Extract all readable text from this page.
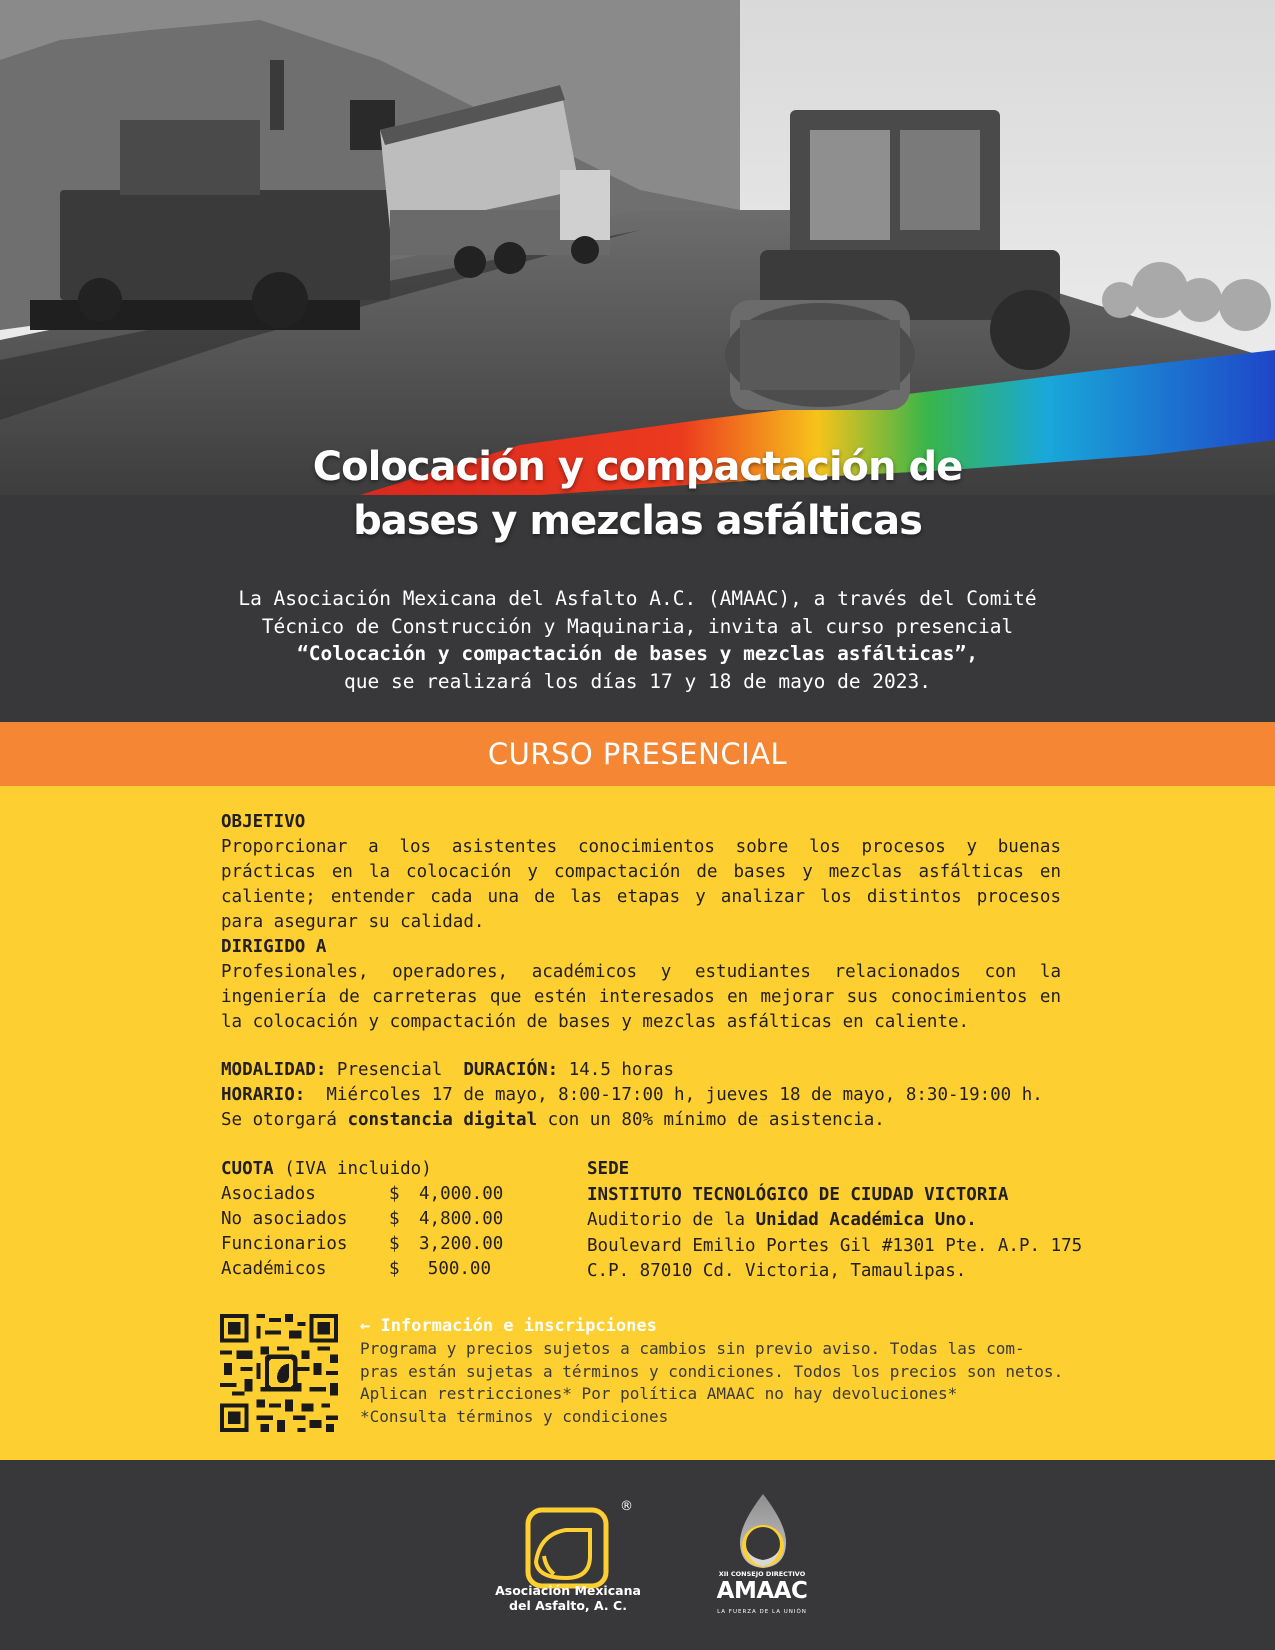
Colocación y compactación de
bases y mezclas asfálticas
La Asociación Mexicana del Asfalto A.C. (AMAAC), a través del Comité
Técnico de Construcción y Maquinaria, invita al curso presencial
“Colocación y compactación de bases y mezclas asfálticas”,
que se realizará los días 17 y 18 de mayo de 2023.
CURSO PRESENCIAL
OBJETIVO
Proporcionar a los asistentes conocimientos sobre los procesos y buenas prácticas en la colocación y compactación de bases y mezclas asfálticas en caliente; entender cada una de las etapas y analizar los distintos procesos para asegurar su calidad.
DIRIGIDO A
Profesionales, operadores, académicos y estudiantes relacionados con la ingeniería de carreteras que estén interesados en mejorar sus conocimientos en la colocación y compactación de bases y mezclas asfálticas en caliente.
MODALIDAD: Presencial DURACIÓN: 14.5 horas
HORARIO: Miércoles 17 de mayo, 8:00-17:00 h, jueves 18 de mayo, 8:30-19:00 h.
Se otorgará constancia digital con un 80% mínimo de asistencia.
CUOTA (IVA incluido)
Asociados	$	4,000.00
No asociados	$	4,800.00
Funcionarios	$	3,200.00
Académicos	$	500.00
SEDE
INSTITUTO TECNOLÓGICO DE CIUDAD VICTORIA
Auditorio de la Unidad Académica Uno.
Boulevard Emilio Portes Gil #1301 Pte. A.P. 175
C.P. 87010 Cd. Victoria, Tamaulipas.
← Información e inscripciones
Programa y precios sujetos a cambios sin previo aviso. Todas las com-
pras están sujetas a términos y condiciones. Todos los precios son netos.
Aplican restricciones* Por política AMAAC no hay devoluciones*
*Consulta términos y condiciones
®
Asociación Mexicana
del Asfalto, A. C.
XII CONSEJO DIRECTIVO
AMAAC
LA FUERZA DE LA UNIÓN
